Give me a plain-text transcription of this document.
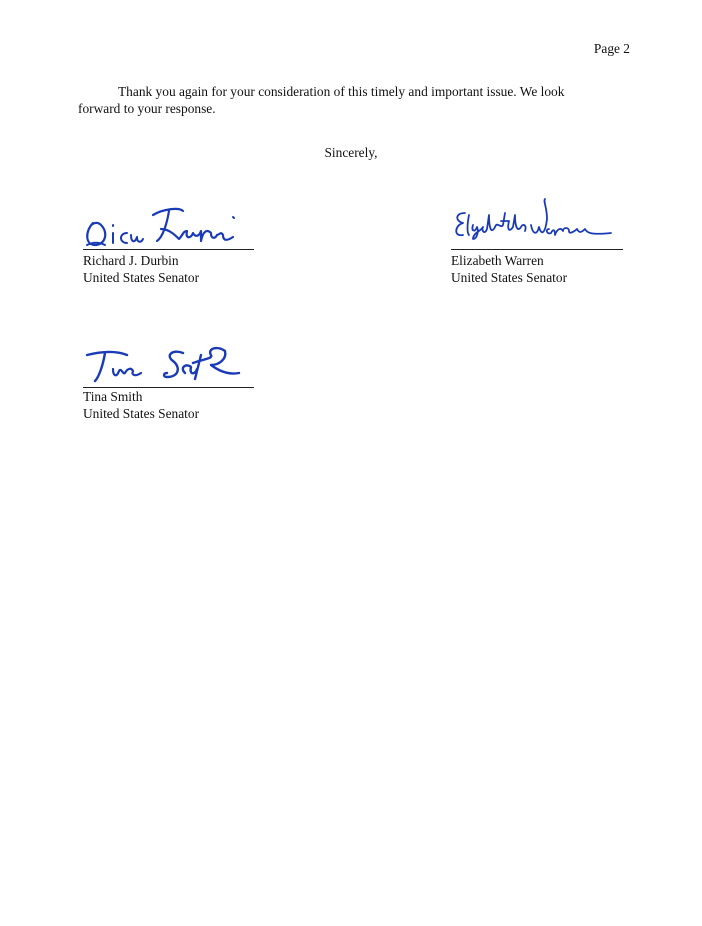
Page 2

Thank you again for your consideration of this timely and important issue. We look
forward to your response.

Sincerely,
Richard J. Durbin
United States Senator
Elizabeth Warren
United States Senator
Tina Smith
United States Senator
